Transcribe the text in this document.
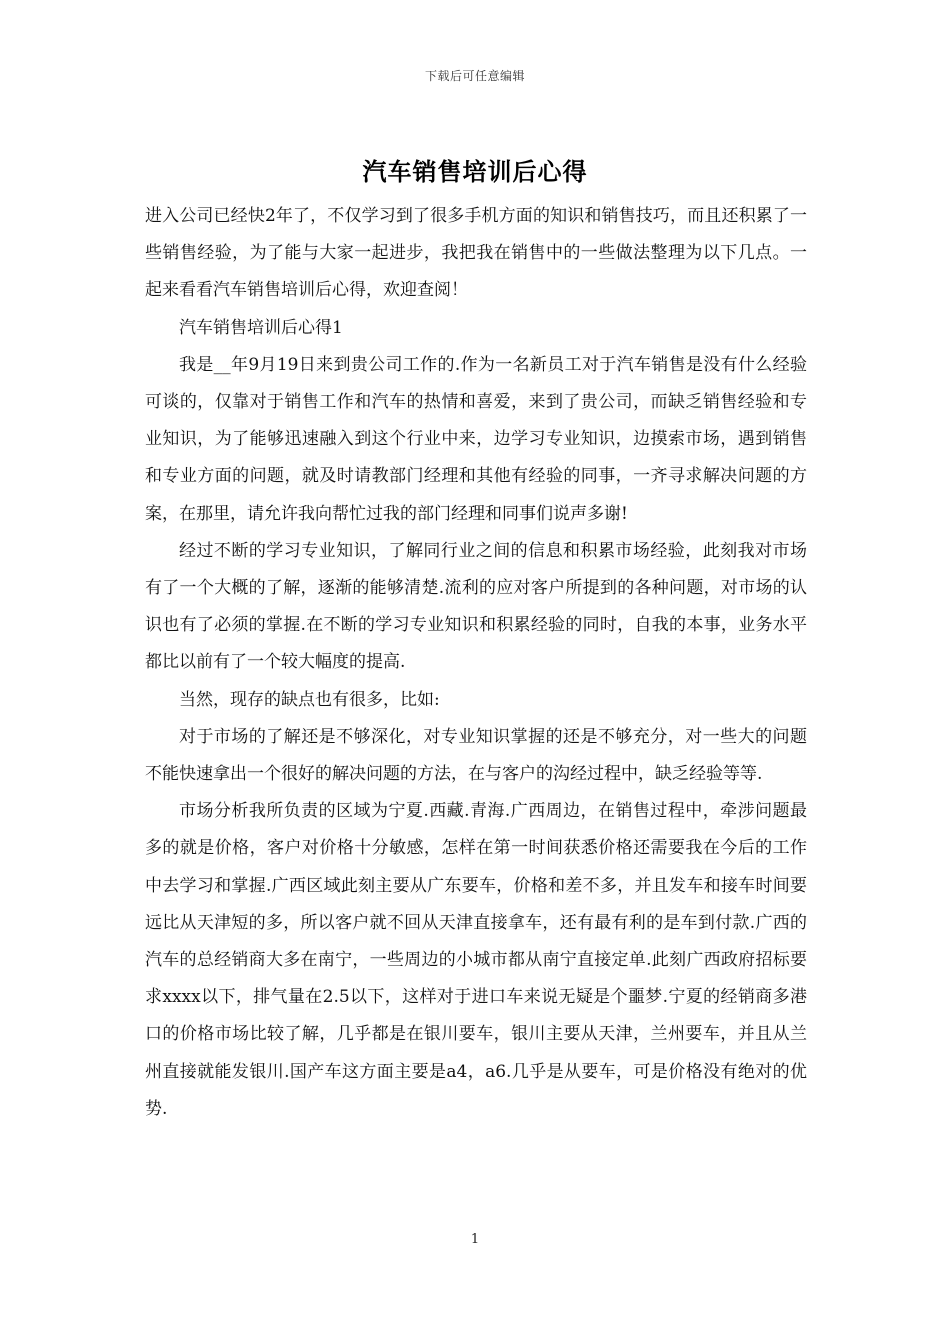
下载后可任意编辑
汽车销售培训后心得

进入公司已经快2年了，不仅学习到了很多手机方面的知识和销售技巧，而且还积累了一些销售经验，为了能与大家一起进步，我把我在销售中的一些做法整理为以下几点。一起来看看汽车销售培训后心得，欢迎查阅！

汽车销售培训后心得1

我是__年9月19日来到贵公司工作的.作为一名新员工对于汽车销售是没有什么经验可谈的，仅靠对于销售工作和汽车的热情和喜爱，来到了贵公司，而缺乏销售经验和专业知识，为了能够迅速融入到这个行业中来，边学习专业知识，边摸索市场，遇到销售和专业方面的问题，就及时请教部门经理和其他有经验的同事，一齐寻求解决问题的方案，在那里，请允许我向帮忙过我的部门经理和同事们说声多谢!

经过不断的学习专业知识，了解同行业之间的信息和积累市场经验，此刻我对市场有了一个大概的了解，逐渐的能够清楚.流利的应对客户所提到的各种问题，对市场的认识也有了必须的掌握.在不断的学习专业知识和积累经验的同时，自我的本事，业务水平都比以前有了一个较大幅度的提高.

当然，现存的缺点也有很多，比如:

对于市场的了解还是不够深化，对专业知识掌握的还是不够充分，对一些大的问题不能快速拿出一个很好的解决问题的方法，在与客户的沟经过程中，缺乏经验等等.

市场分析我所负责的区域为宁夏.西藏.青海.广西周边，在销售过程中，牵涉问题最多的就是价格，客户对价格十分敏感，怎样在第一时间获悉价格还需要我在今后的工作中去学习和掌握.广西区域此刻主要从广东要车，价格和差不多，并且发车和接车时间要远比从天津短的多，所以客户就不回从天津直接拿车，还有最有利的是车到付款.广西的汽车的总经销商大多在南宁，一些周边的小城市都从南宁直接定单.此刻广西政府招标要求xxxx以下，排气量在2.5以下，这样对于进口车来说无疑是个噩梦.宁夏的经销商多港口的价格市场比较了解，几乎都是在银川要车，银川主要从天津，兰州要车，并且从兰州直接就能发银川.国产车这方面主要是a4，a6.几乎是从要车，可是价格没有绝对的优势.

1
